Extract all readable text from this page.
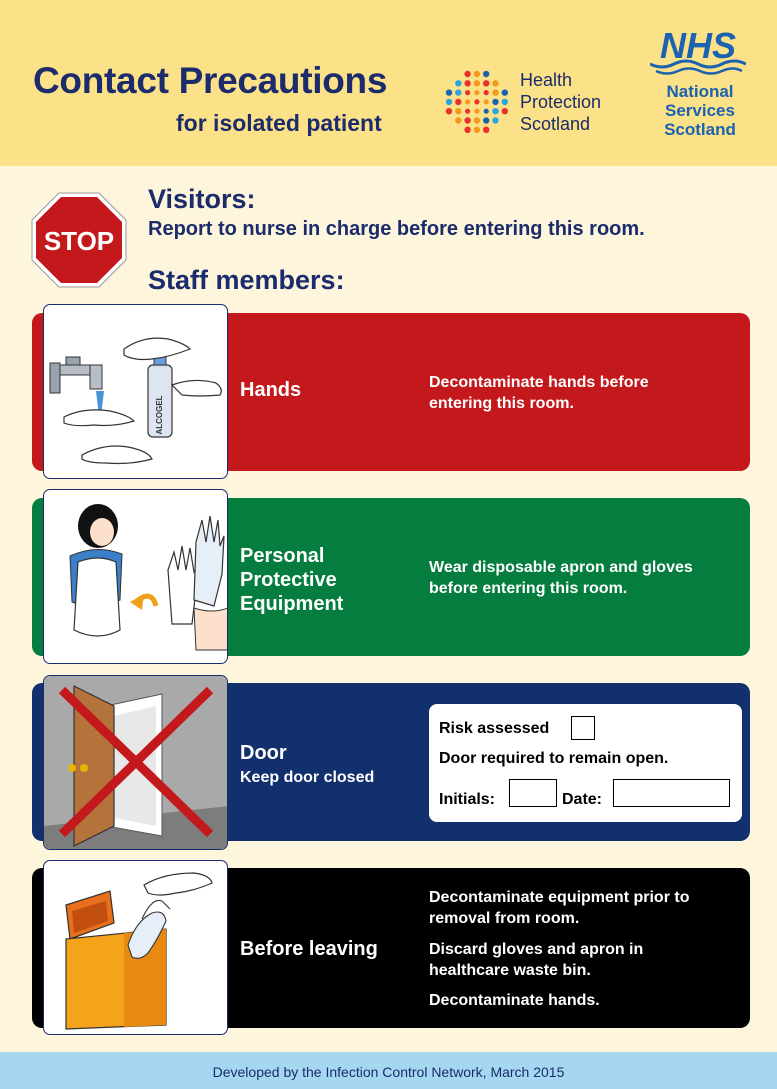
Contact Precautions
for isolated patient
Health
Protection
Scotland
NHS
National
Services
Scotland
STOP
Visitors:
Report to nurse in charge before entering this room.
Staff members:
ALCOGEL
Hands	Decontaminate hands before
entering this room.
Personal
Protective
Equipment
Wear disposable apron and gloves
before entering this room.
Door
Keep door closed
Risk assessed
Door required to remain open.
Initials:	Date:
Before leaving
Decontaminate equipment prior to
removal from room.
Discard gloves and apron in
healthcare waste bin.
Decontaminate hands.
Developed by the Infection Control Network, March 2015
